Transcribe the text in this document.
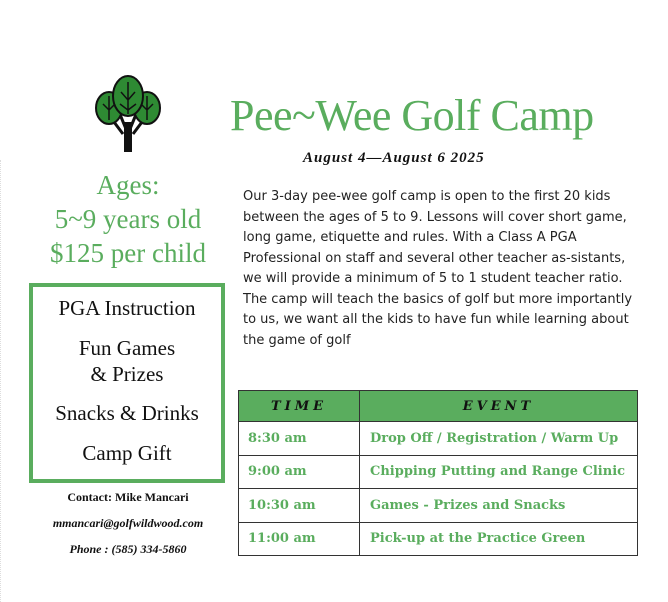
Pee~Wee Golf Camp
August 4—August 6 2025
Ages:
5~9 years old
$125 per child
PGA Instruction
Fun Games
& Prizes
Snacks & Drinks
Camp Gift
Contact: Mike Mancari
mmancari@golfwildwood.com
Phone : (585) 334-5860
Our 3-day pee-wee golf camp is open to the first 20 kids between the ages of 5 to 9. Lessons will cover short game, long game, etiquette and rules. With a Class A PGA Professional on staff and several other teacher as-sistants, we will provide a minimum of 5 to 1 student teacher ratio. The camp will teach the basics of golf but more importantly to us, we want all the kids to have fun while learning about the game of golf
TIME	EVENT
8:30 am	Drop Off / Registration / Warm Up
9:00 am	Chipping Putting and Range Clinic
10:30 am	Games - Prizes and Snacks
11:00 am	Pick-up at the Practice Green
